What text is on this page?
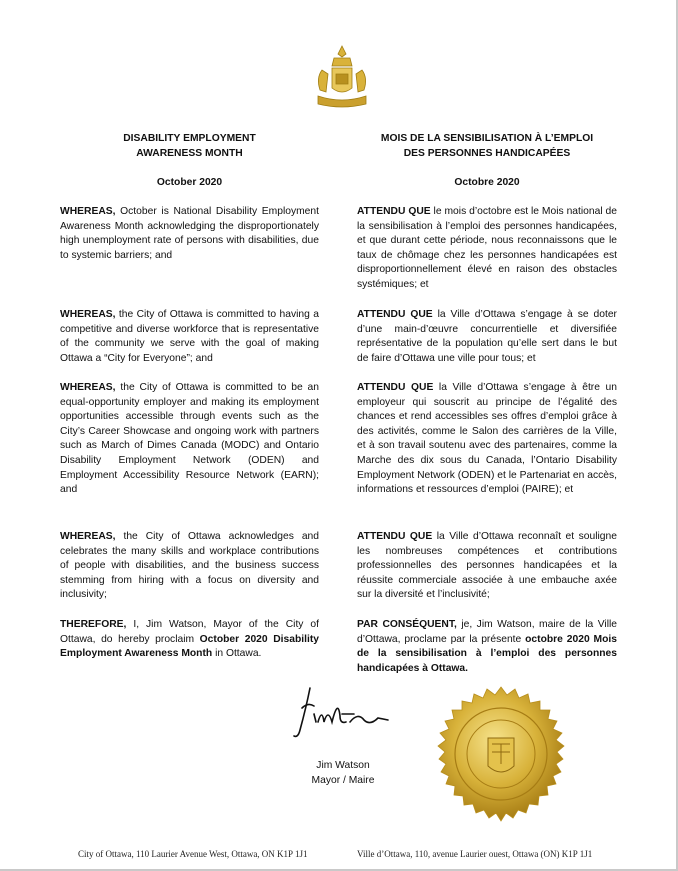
DISABILITY EMPLOYMENT
AWARENESS MONTH
October 2020

WHEREAS, October is National Disability Employment Awareness Month acknowledging the disproportionately high unemployment rate of persons with disabilities, due to systemic barriers; and

WHEREAS, the City of Ottawa is committed to having a competitive and diverse workforce that is representative of the community we serve with the goal of making Ottawa a “City for Everyone”; and

WHEREAS, the City of Ottawa is committed to be an equal-opportunity employer and making its employment opportunities accessible through events such as the City’s Career Showcase and ongoing work with partners such as March of Dimes Canada (MODC) and Ontario Disability Employment Network (ODEN) and Employment Accessibility Resource Network (EARN); and

WHEREAS, the City of Ottawa acknowledges and celebrates the many skills and workplace contributions of people with disabilities, and the business success stemming from hiring with a focus on diversity and inclusivity;

THEREFORE, I, Jim Watson, Mayor of the City of Ottawa, do hereby proclaim October 2020 Disability Employment Awareness Month in Ottawa.

MOIS DE LA SENSIBILISATION À L’EMPLOI
DES PERSONNES HANDICAPÉES
Octobre 2020

ATTENDU QUE le mois d’octobre est le Mois national de la sensibilisation à l’emploi des personnes handicapées, et que durant cette période, nous reconnaissons que le taux de chômage chez les personnes handicapées est disproportionnellement élevé en raison des obstacles systémiques; et

ATTENDU QUE la Ville d’Ottawa s’engage à se doter d’une main-d’œuvre concurrentielle et diversifiée représentative de la population qu’elle sert dans le but de faire d’Ottawa une ville pour tous; et

ATTENDU QUE la Ville d’Ottawa s’engage à être un employeur qui souscrit au principe de l’égalité des chances et rend accessibles ses offres d’emploi grâce à des activités, comme le Salon des carrières de la Ville, et à son travail soutenu avec des partenaires, comme la Marche des dix sous du Canada, l’Ontario Disability Employment Network (ODEN) et le Partenariat en accès, informations et ressources d’emploi (PAIRE); et

ATTENDU QUE la Ville d’Ottawa reconnaît et souligne les nombreuses compétences et contributions professionnelles des personnes handicapées et la réussite commerciale associée à une embauche axée sur la diversité et l’inclusivité;

PAR CONSÉQUENT, je, Jim Watson, maire de la Ville d’Ottawa, proclame par la présente octobre 2020 Mois de la sensibilisation à l’emploi des personnes handicapées à Ottawa.

Jim Watson
Mayor / Maire
City of Ottawa, 110 Laurier Avenue West, Ottawa, ON K1P 1J1	Ville d’Ottawa, 110, avenue Laurier ouest, Ottawa (ON) K1P 1J1
